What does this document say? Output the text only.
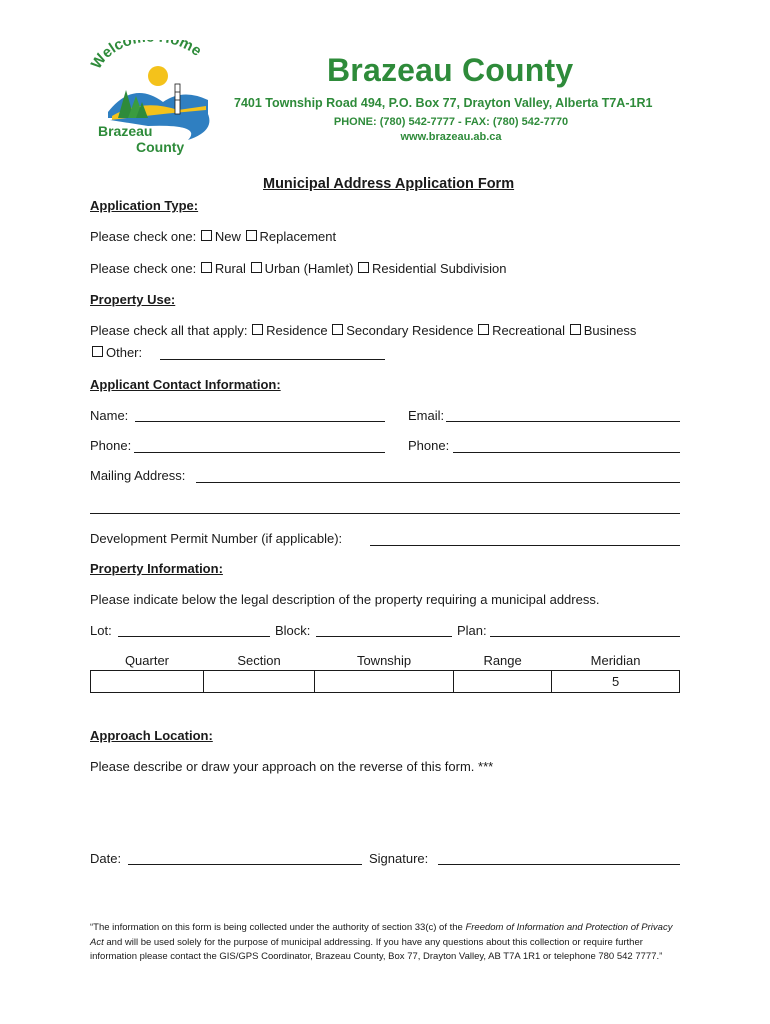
Welco ome
Brazeau
County
Brazeau County
7401 Township Road 494, P.O. Box 77, Drayton Valley, Alberta T7A-1R1
PHONE: (780) 542-7777 - FAX: (780) 542-7770
www.brazeau.ab.ca
Municipal Address Application Form
Application Type:
Please check one: New Replacement
Please check one: Rural Urban (Hamlet) Residential Subdivision
Property Use:
Please check all that apply: Residence Secondary Residence Recreational Business
Other:
Applicant Contact Information:
Name:	Email:
Phone:	Phone:
Mailing Address:
Development Permit Number (if applicable):
Property Information:
Please indicate below the legal description of the property requiring a municipal address.
Lot:	Block:	Plan:
Quarter	Section	Township	Range	Meridian
				5
Approach Location:
Please describe or draw your approach on the reverse of this form. ***
Date:	Signature:
“The information on this form is being collected under the authority of section 33(c) of the Freedom of Information and Protection of Privacy Act and will be used solely for the purpose of municipal addressing. If you have any questions about this collection or require further information please contact the GIS/GPS Coordinator, Brazeau County, Box 77, Drayton Valley, AB T7A 1R1 or telephone 780 542 7777.”
